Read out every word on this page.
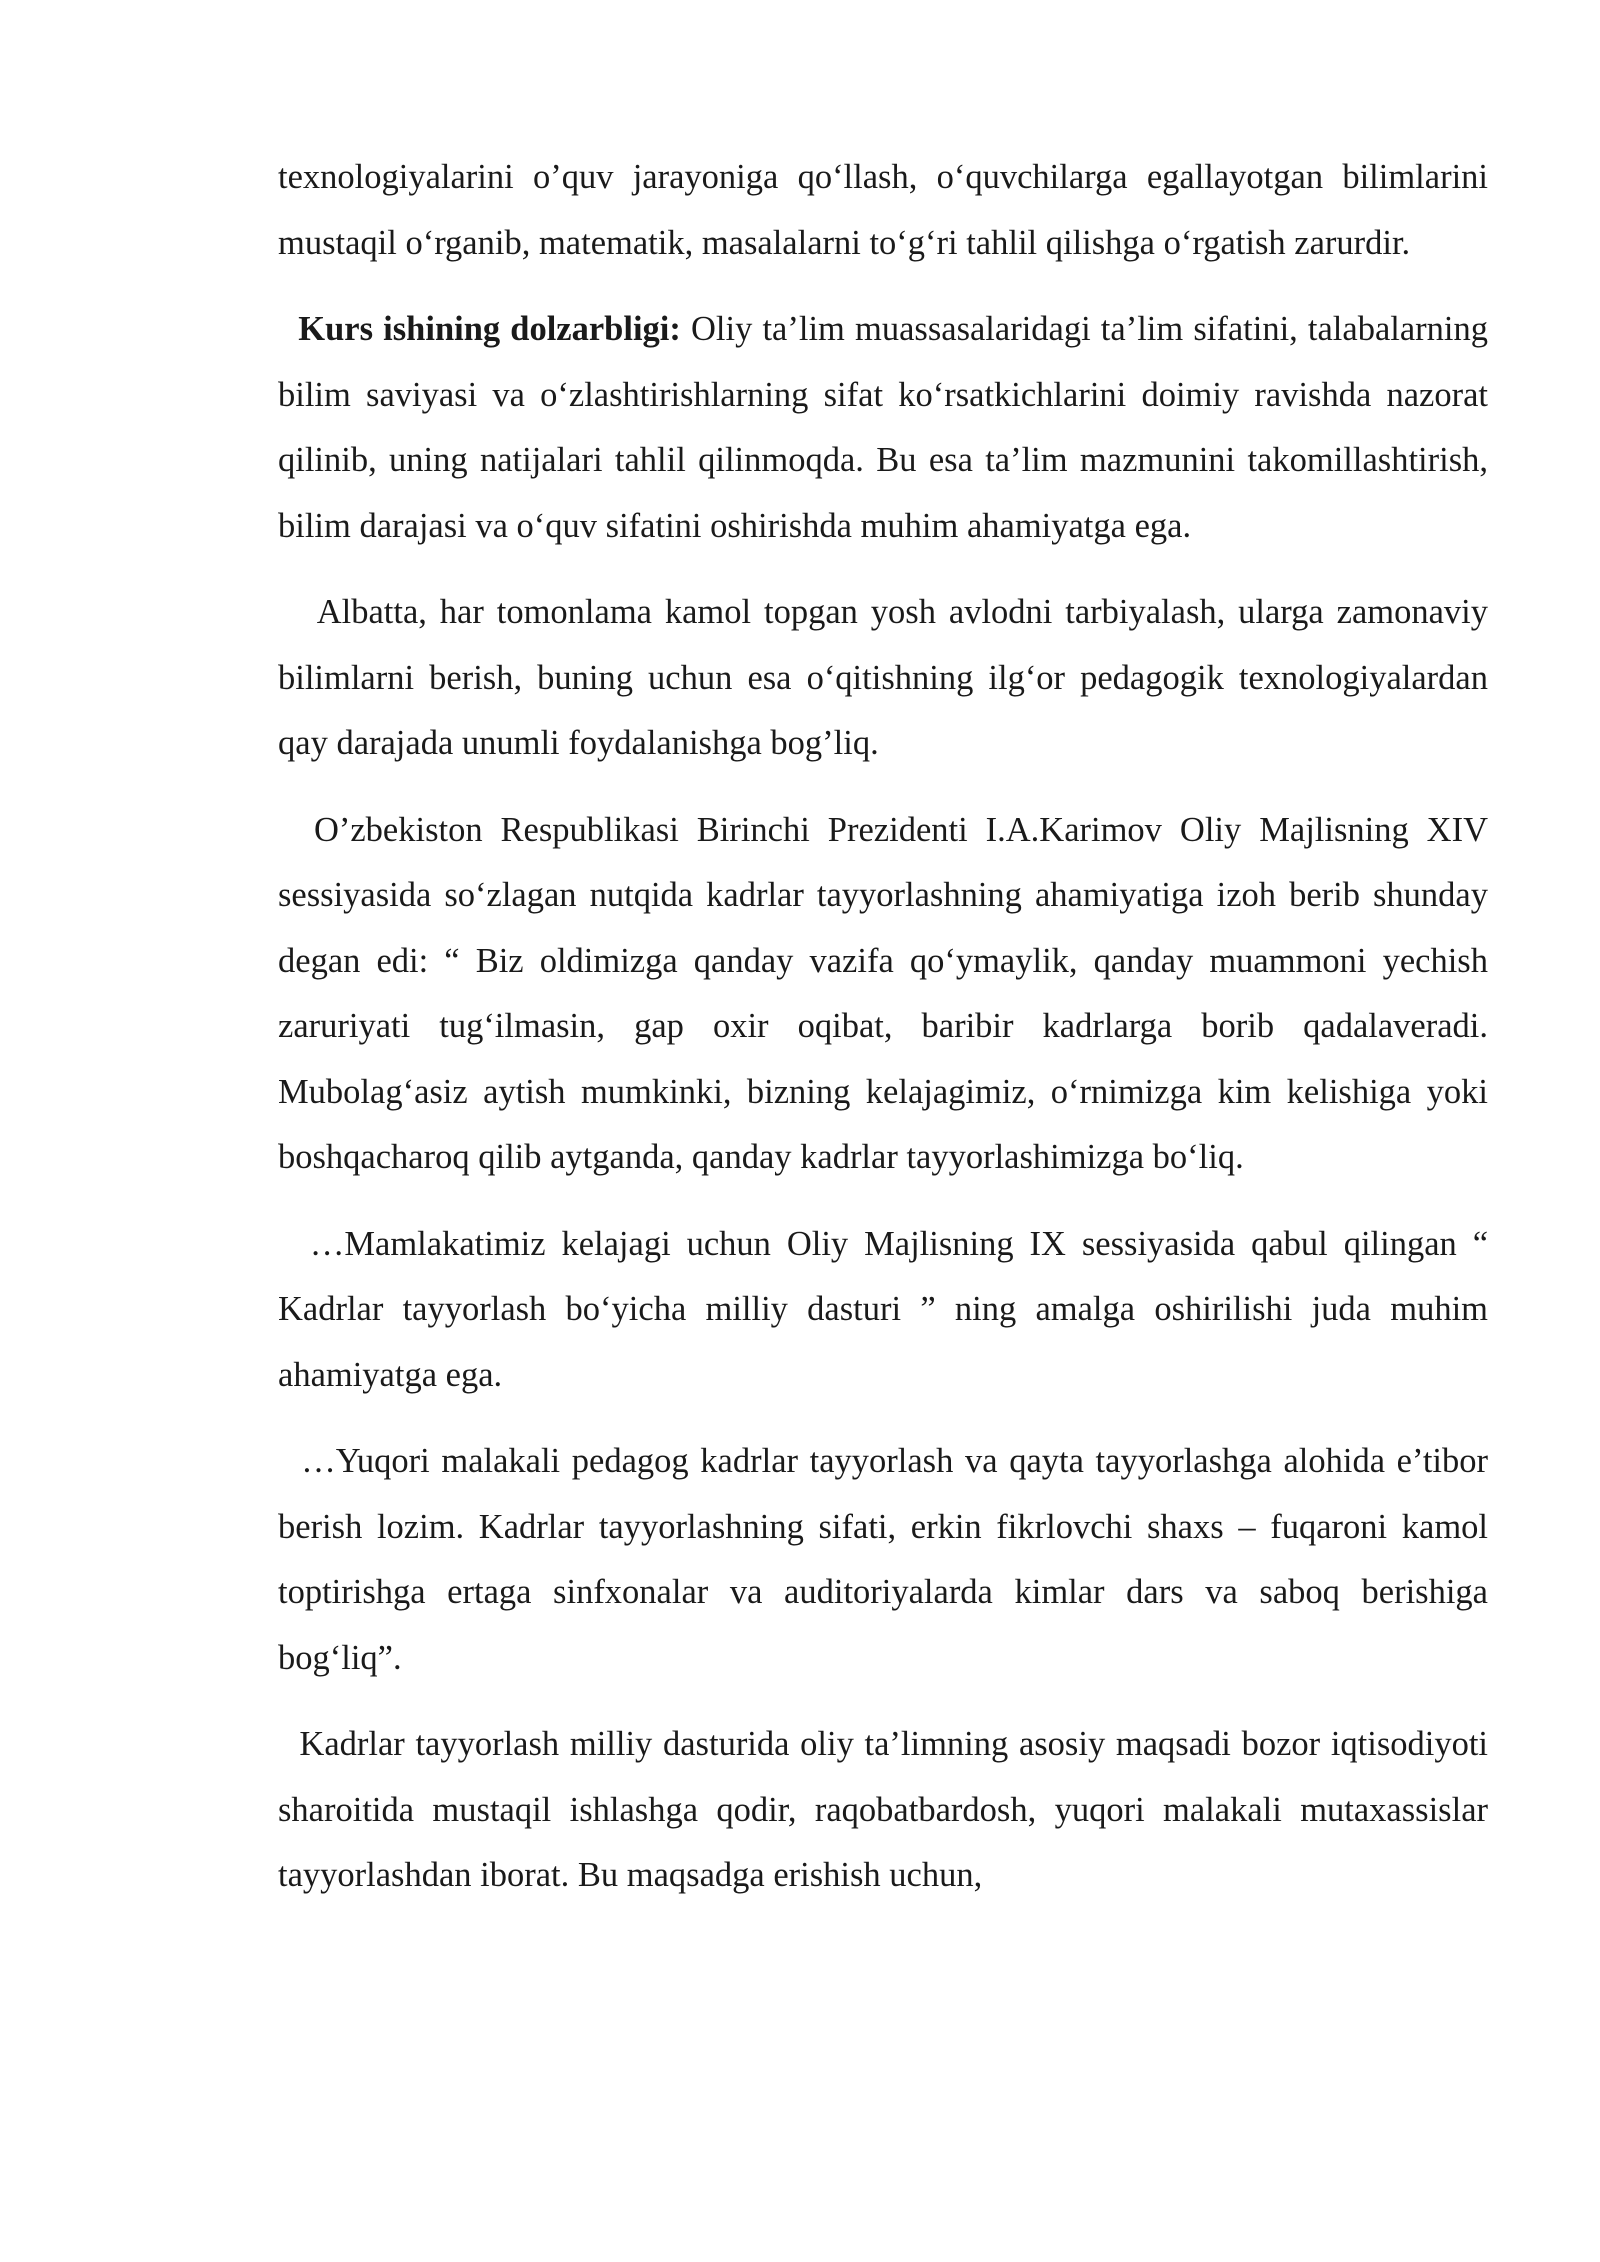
texnologiyalarini o’quv jarayoniga qo‘llash, o‘quvchilarga egallayotgan bilimlarini mustaqil o‘rganib, matematik, masalalarni to‘g‘ri tahlil qilishga o‘rgatish zarurdir.

Kurs ishining dolzarbligi: Oliy ta’lim muassasalaridagi ta’lim sifatini, talabalarning bilim saviyasi va o‘zlashtirishlarning sifat ko‘rsatkichlarini doimiy ravishda nazorat qilinib, uning natijalari tahlil qilinmoqda. Bu esa ta’lim mazmunini takomillashtirish, bilim darajasi va o‘quv sifatini oshirishda muhim ahamiyatga ega.

Albatta, har tomonlama kamol topgan yosh avlodni tarbiyalash, ularga zamonaviy bilimlarni berish, buning uchun esa o‘qitishning ilg‘or pedagogik texnologiyalardan qay darajada unumli foydalanishga bog’liq.

O’zbekiston Respublikasi Birinchi Prezidenti I.A.Karimov Oliy Majlisning XIV sessiyasida so‘zlagan nutqida kadrlar tayyorlashning ahamiyatiga izoh berib shunday degan edi: “ Biz oldimizga qanday vazifa qo‘ymaylik, qanday muammoni yechish zaruriyati tug‘ilmasin, gap oxir oqibat, baribir kadrlarga borib qadalaveradi. Mubolag‘asiz aytish mumkinki, bizning kelajagimiz, o‘rnimizga kim kelishiga yoki boshqacharoq qilib aytganda, qanday kadrlar tayyorlashimizga bo‘liq.

…Mamlakatimiz kelajagi uchun Oliy Majlisning IX sessiyasida qabul qilingan “ Kadrlar tayyorlash bo‘yicha milliy dasturi ” ning amalga oshirilishi juda muhim ahamiyatga ega.

…Yuqori malakali pedagog kadrlar tayyorlash va qayta tayyorlashga alohida e’tibor berish lozim. Kadrlar tayyorlashning sifati, erkin fikrlovchi shaxs – fuqaroni kamol toptirishga ertaga sinfxonalar va auditoriyalarda kimlar dars va saboq berishiga bog‘liq”.

Kadrlar tayyorlash milliy dasturida oliy ta’limning asosiy maqsadi bozor iqtisodiyoti sharoitida mustaqil ishlashga qodir, raqobatbardosh, yuqori malakali mutaxassislar tayyorlashdan iborat. Bu maqsadga erishish uchun,
